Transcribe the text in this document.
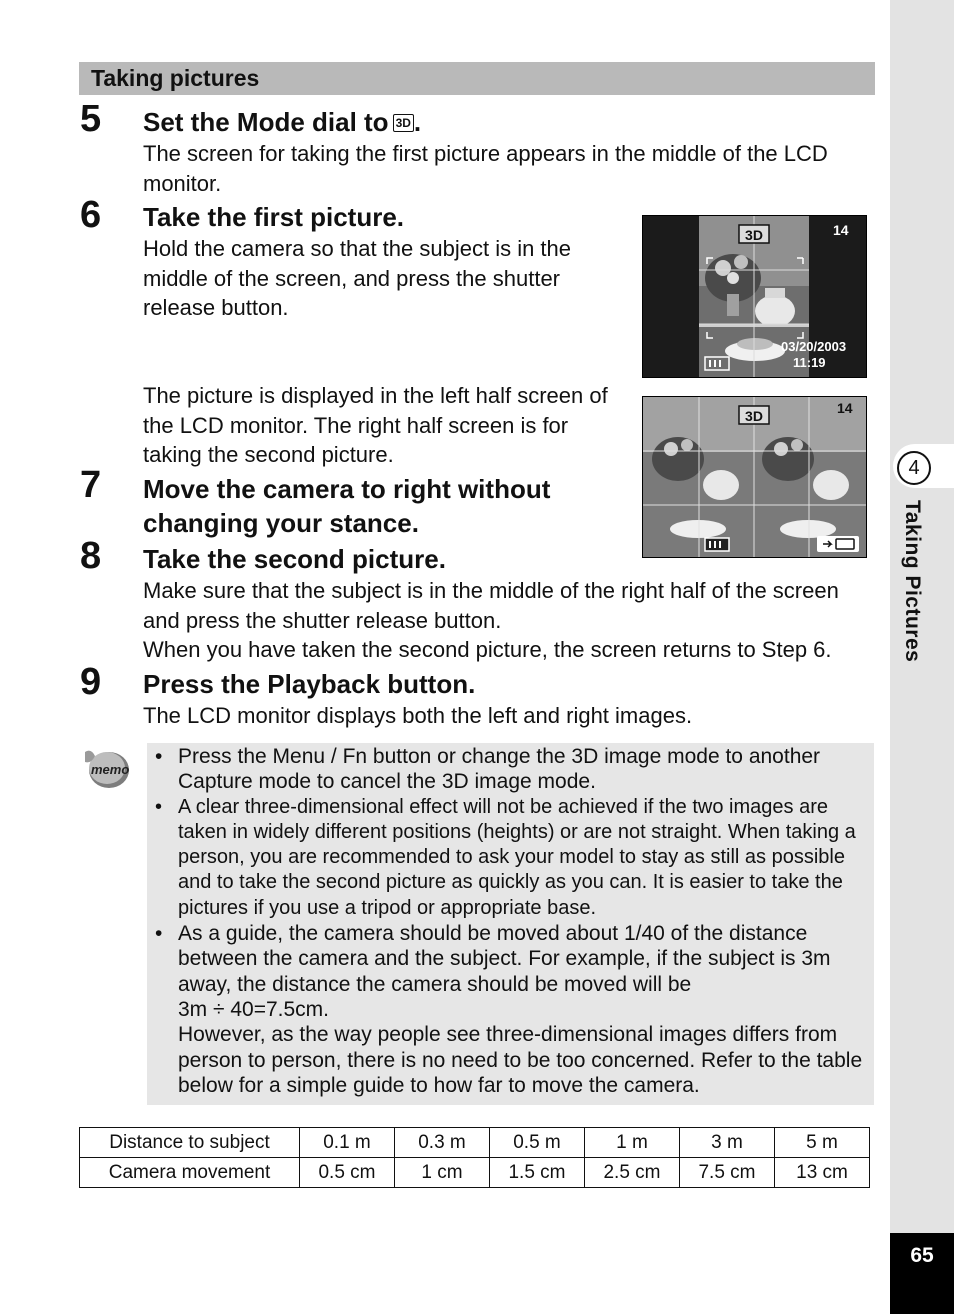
4
Taking Pictures
65
Taking pictures
5 Set the Mode dial to 3D .
The screen for taking the first picture appears in the middle of the LCD monitor.
6 Take the first picture.
Hold the camera so that the subject is in the middle of the screen, and press the shutter release button.
The picture is displayed in the left half screen of the LCD monitor. The right half screen is for taking the second picture.
7 Move the camera to right without
changing your stance.
8 Take the second picture.
Make sure that the subject is in the middle of the right half of the screen and press the shutter release button.
When you have taken the second picture, the screen returns to Step 6.
9 Press the Playback button.
The LCD monitor displays both the left and right images.
3D	14
03/20/2003
11:19
3D	14
memo
• Press the Menu / Fn button or change the 3D image mode to another Capture mode to cancel the 3D image mode.
• A clear three-dimensional effect will not be achieved if the two images are taken in widely different positions (heights) or are not straight. When taking a person, you are recommended to ask your model to stay as still as possible and to take the second picture as quickly as you can. It is easier to take the pictures if you use a tripod or appropriate base.
• As a guide, the camera should be moved about 1/40 of the distance between the camera and the subject. For example, if the subject is 3m away, the distance the camera should be moved will be
3m ÷ 40=7.5cm.
However, as the way people see three-dimensional images differs from person to person, there is no need to be too concerned. Refer to the table below for a simple guide to how far to move the camera.
Distance to subject	0.1 m	0.3 m	0.5 m	1 m	3 m	5 m
Camera movement	0.5 cm	1 cm	1.5 cm	2.5 cm	7.5 cm	13 cm
